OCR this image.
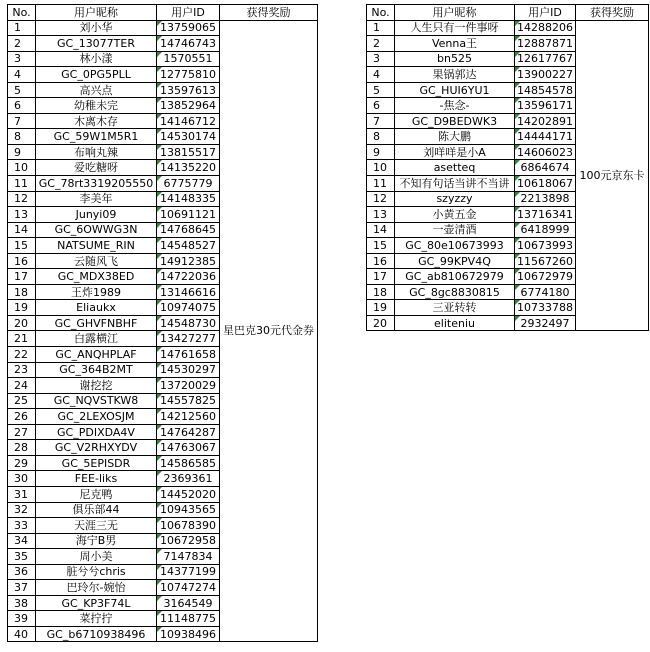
No.	用户昵称	用户ID	获得奖励
1	刘小华	13759065	星巴克30元代金券
2	GC_13077TER	14746743	
3	林小漾	1570551	
4	GC_0PG5PLL	12775810	
5	高兴点	13597613	
6	幼稚未完	13852964	
7	木离木存	14146712	
8	GC_59W1M5R1	14530174	
9	布响丸辣	13815517	
10	爱吃糖呀	14135220	
11	GC_78rt3319205550	6775779	
12	李美年	14148335	
13	Junyi09	10691121	
14	GC_6OWWG3N	14768645	
15	NATSUME_RIN	14548527	
16	云随风飞	14912385	
17	GC_MDX38ED	14722036	
18	王炸1989	13146616	
19	Eliaukx	10974075	
20	GC_GHVFNBHF	14548730	
21	白露横江	13427277	
22	GC_ANQHPLAF	14761658	
23	GC_364B2MT	14530297	
24	谢挖挖	13720029	
25	GC_NQVSTKW8	14557825	
26	GC_2LEXOSJM	14212560	
27	GC_PDIXDA4V	14764287	
28	GC_V2RHXYDV	14763067	
29	GC_5EPISDR	14586585	
30	FEE-liks	2369361	
31	尼克鸭	14452020	
32	俱乐部44	10943565	
33	天涯三无	10678390	
34	海宁B男	10672958	
35	周小美	7147834	
36	脏兮兮chris	14377199	
37	巴玲尔-婉怡	10747274	
38	GC_KP3F74L	3164549	
39	菜拧拧	11148775	
40	GC_b6710938496	10938496	
No.	用户昵称	用户ID	获得奖励
1	人生只有一件事呀	14288206	100元京东卡
2	Venna王	12887871	
3	bn525	12617767	
4	果锅郭达	13900227	
5	GC_HUI6YU1	14854578	
6	-焦念-	13596171	
7	GC_D9BEDWK3	14202891	
8	陈大鹏	14444171	
9	刘咩咩是小A	14606023	
10	asetteq	6864674	
11	不知有句话当讲不当讲	10618067	
12	szyzzy	2213898	
13	小黄五金	13716341	
14	一壶清酒	6418999	
15	GC_80e10673993	10673993	
16	GC_99KPV4Q	11567260	
17	GC_ab810672979	10672979	
18	GC_8gc8830815	6774180	
19	三亚转转	10733788	
20	eliteniu	2932497	
